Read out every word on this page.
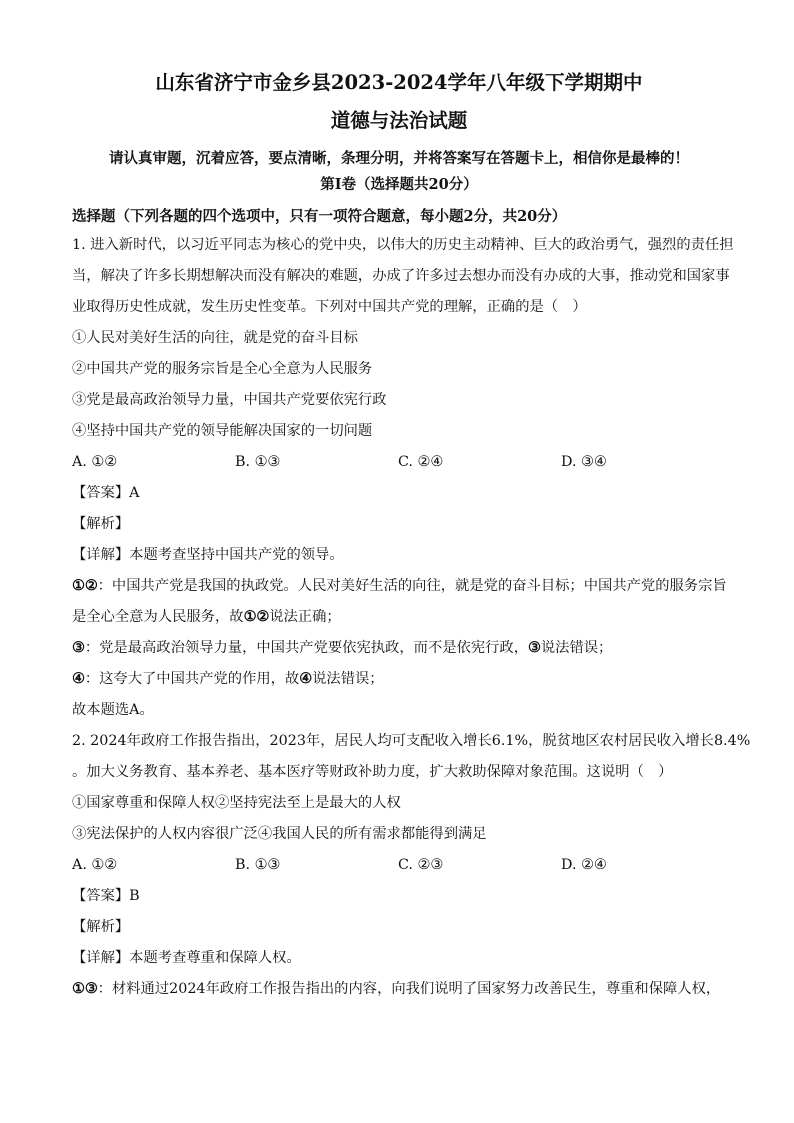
山东省济宁市金乡县2023-2024学年八年级下学期期中
道德与法治试题
请认真审题，沉着应答，要点清晰，条理分明，并将答案写在答题卡上，相信你是最棒的！
第Ⅰ卷（选择题共20分）
选择题（下列各题的四个选项中，只有一项符合题意，每小题2分，共20分）
1. 进入新时代，以习近平同志为核心的党中央，以伟大的历史主动精神、巨大的政治勇气，强烈的责任担
当，解决了许多长期想解决而没有解决的难题，办成了许多过去想办而没有办成的大事，推动党和国家事
业取得历史性成就，发生历史性变革。下列对中国共产党的理解，正确的是（　）
①人民对美好生活的向往，就是党的奋斗目标
②中国共产党的服务宗旨是全心全意为人民服务
③党是最高政治领导力量，中国共产党要依宪行政
④坚持中国共产党的领导能解决国家的一切问题
A. ①②	B. ①③	C. ②④	D. ③④
【答案】A
【解析】
【详解】本题考查坚持中国共产党的领导。
①②：中国共产党是我国的执政党。人民对美好生活的向往，就是党的奋斗目标；中国共产党的服务宗旨
是全心全意为人民服务，故①②说法正确；
③：党是最高政治领导力量，中国共产党要依宪执政，而不是依宪行政，③说法错误；
④：这夸大了中国共产党的作用，故④说法错误；
故本题选A。
2. 2024年政府工作报告指出，2023年，居民人均可支配收入增长6.1%，脱贫地区农村居民收入增长8.4%
。加大义务教育、基本养老、基本医疗等财政补助力度，扩大救助保障对象范围。这说明（　）
①国家尊重和保障人权②坚持宪法至上是最大的人权
③宪法保护的人权内容很广泛④我国人民的所有需求都能得到满足
A. ①②	B. ①③	C. ②③	D. ②④
【答案】B
【解析】
【详解】本题考查尊重和保障人权。
①③：材料通过2024年政府工作报告指出的内容，向我们说明了国家努力改善民生，尊重和保障人权，
